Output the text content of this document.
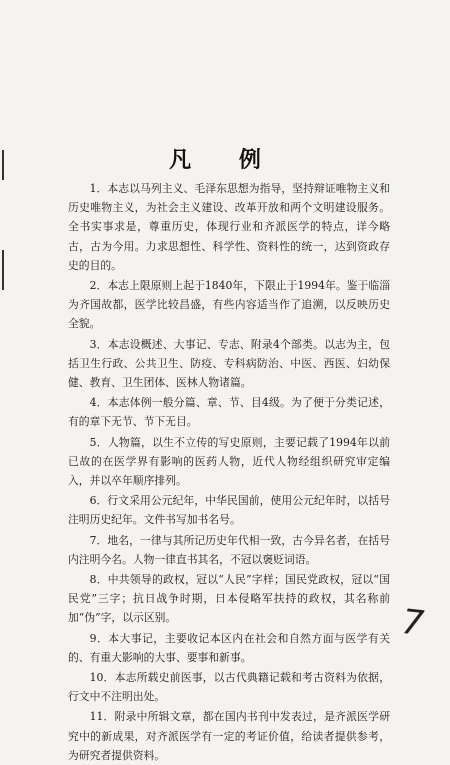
凡 例

1．本志以马列主义、毛泽东思想为指导，坚持辩证唯物主义和历史唯物主义，为社会主义建设、改革开放和两个文明建设服务。全书实事求是，尊重历史，体现行业和齐派医学的特点，详今略古，古为今用。力求思想性、科学性、资料性的统一，达到资政存史的目的。

2．本志上限原则上起于1840年，下限止于1994年。鉴于临淄为齐国故都，医学比较昌盛，有些内容适当作了追溯，以反映历史全貌。

3．本志设概述、大事记、专志、附录4个部类。以志为主，包括卫生行政、公共卫生、防疫、专科病防治、中医、西医、妇幼保健、教育、卫生团体、医林人物诸篇。

4．本志体例一般分篇、章、节、目4级。为了便于分类记述，有的章下无节、节下无目。

5．人物篇，以生不立传的写史原则，主要记载了1994年以前已故的在医学界有影响的医药人物，近代人物经组织研究审定编入，并以卒年顺序排列。

6．行文采用公元纪年，中华民国前，使用公元纪年时，以括号注明历史纪年。文件书写加书名号。

7．地名，一律与其所记历史年代相一致，古今异名者，在括号内注明今名。人物一律直书其名，不冠以褒贬词语。

8．中共领导的政权，冠以“人民”字样；国民党政权，冠以“国民党”三字；抗日战争时期，日本侵略军扶持的政权，其名称前加“伪”字，以示区别。

9．本大事记，主要收记本区内在社会和自然方面与医学有关的、有重大影响的大事、要事和新事。

10．本志所载史前医事，以古代典籍记载和考古资料为依据，行文中不注明出处。

11．附录中所辑文章，都在国内书刊中发表过，是齐派医学研究中的新成果，对齐派医学有一定的考证价值，给读者提供参考，为研究者提供资料。

7
